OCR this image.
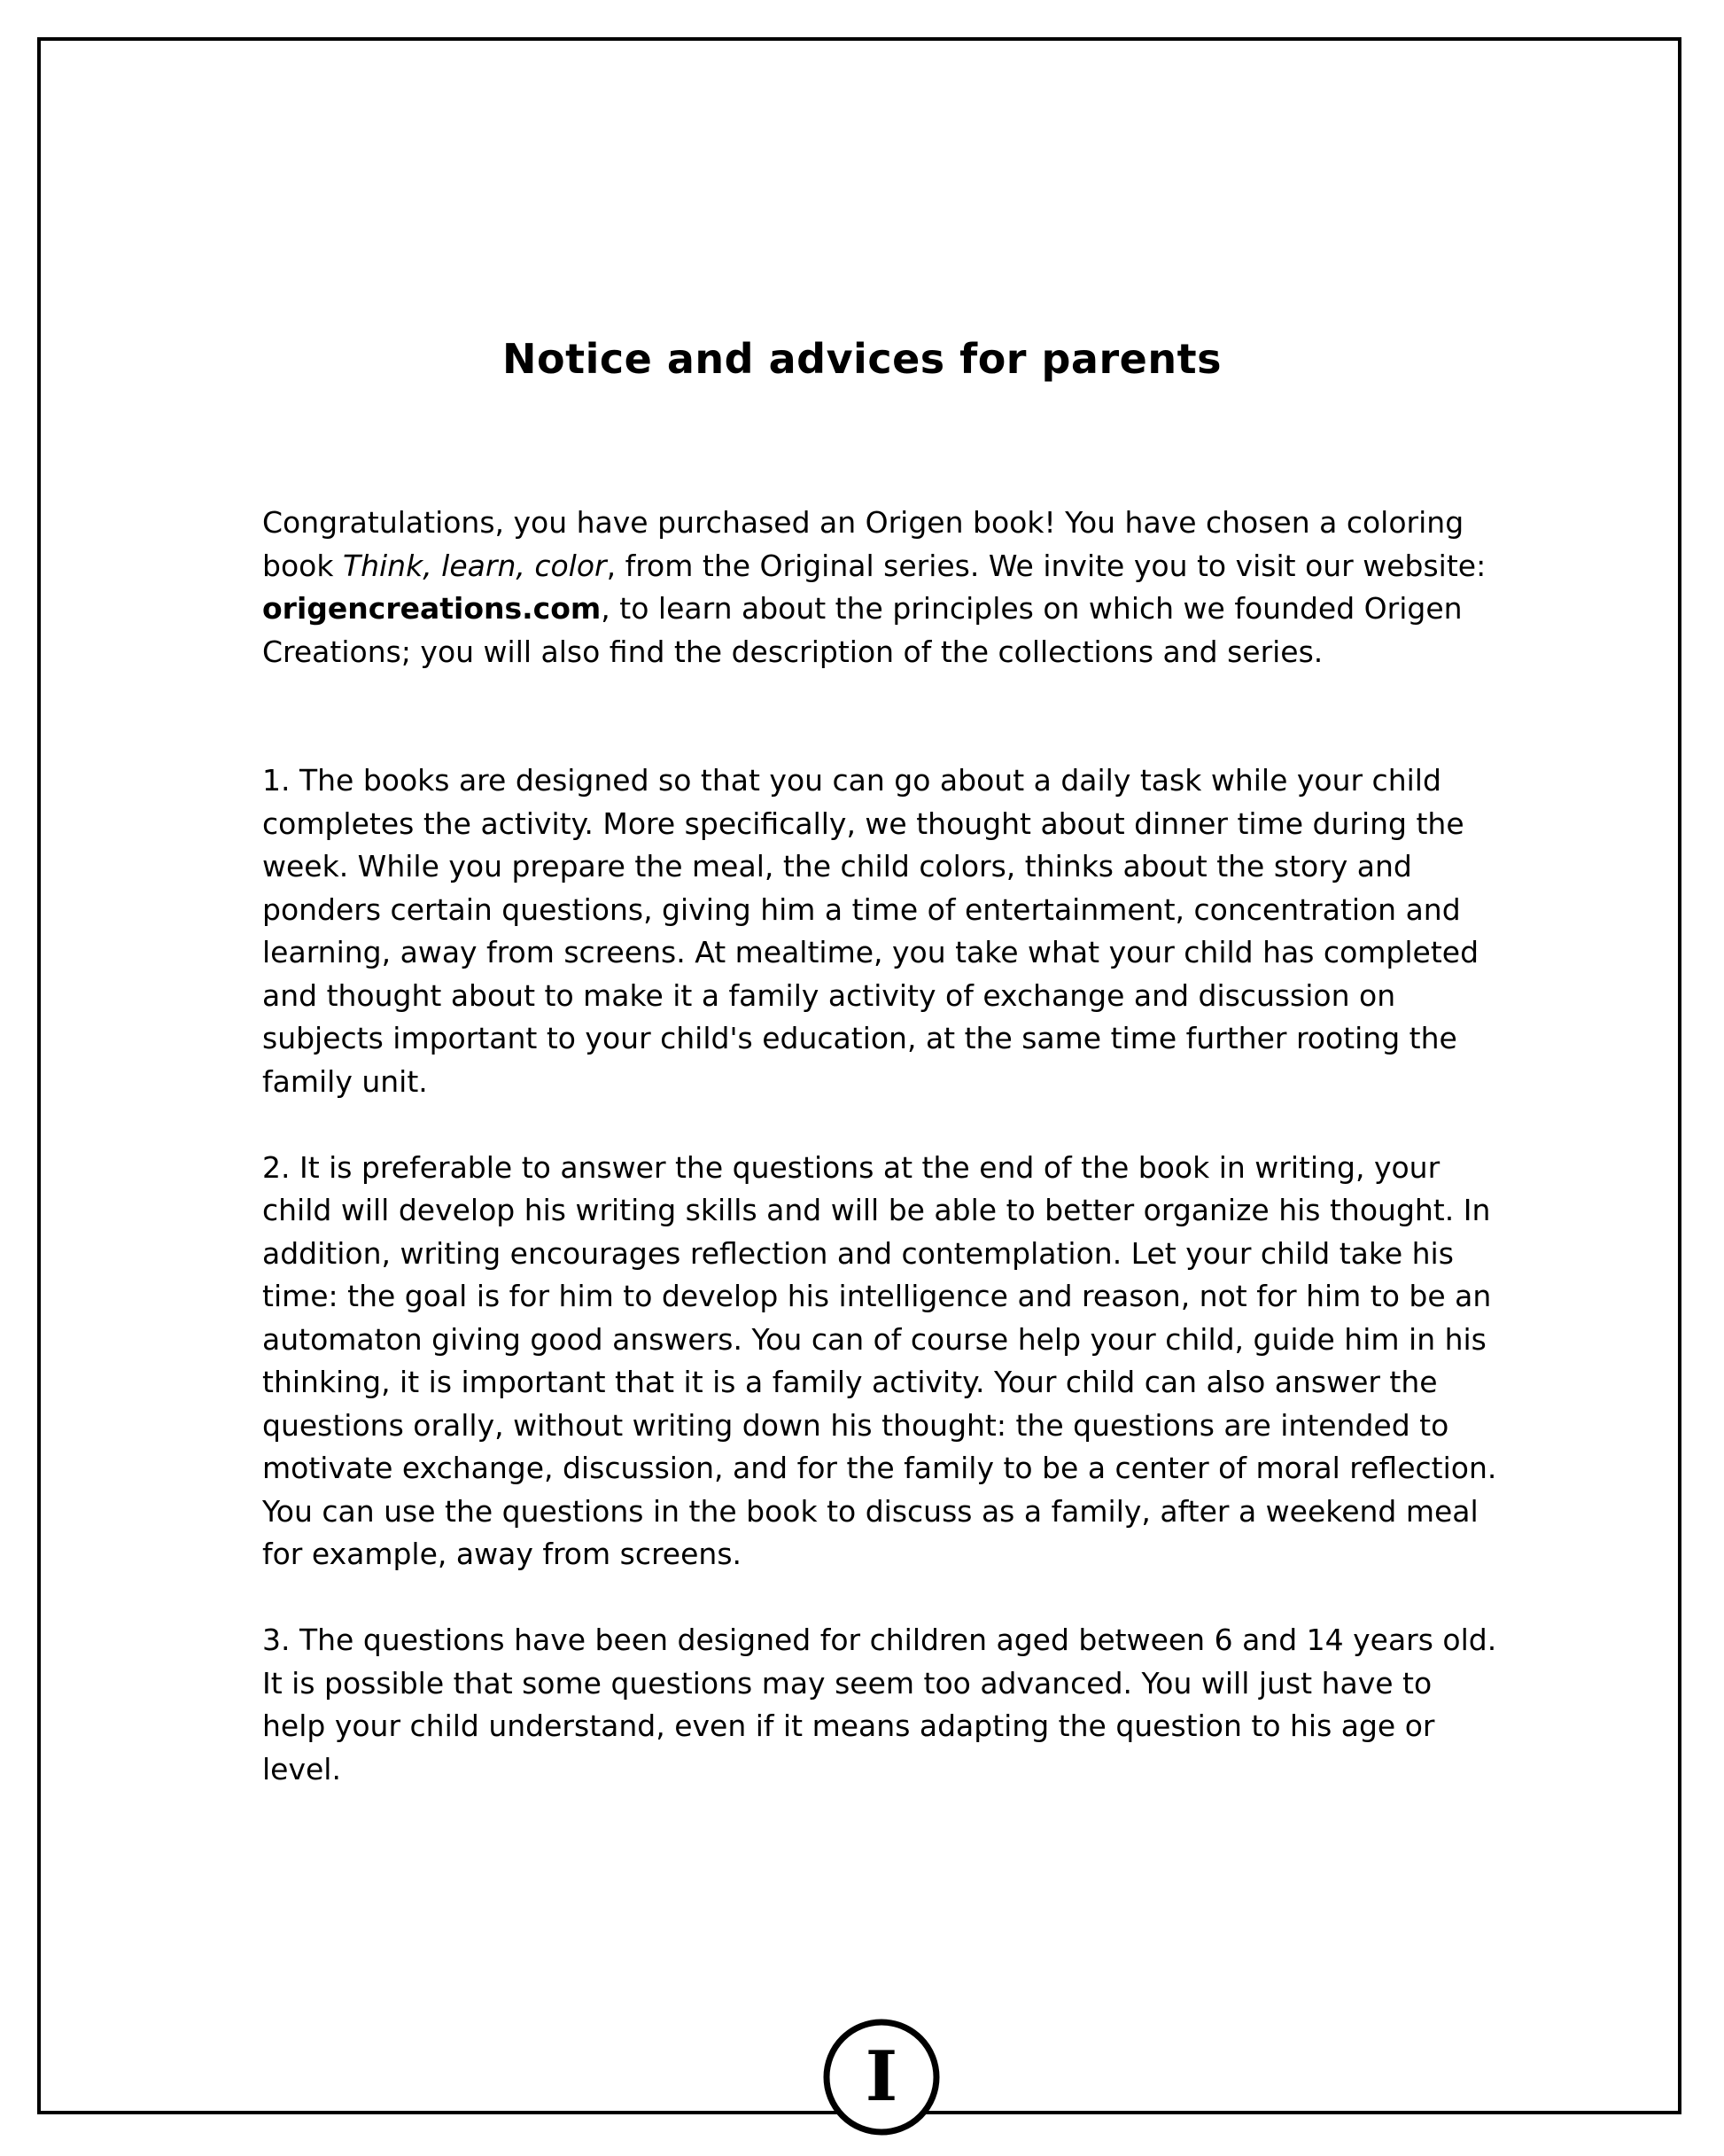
Notice and advices for parents

Congratulations, you have purchased an Origen book! You have chosen a coloring book Think, learn, color, from the Original series. We invite you to visit our website: origencreations.com, to learn about the principles on which we founded Origen Creations; you will also find the description of the collections and series.

1. The books are designed so that you can go about a daily task while your child completes the activity. More specifically, we thought about dinner time during the week. While you prepare the meal, the child colors, thinks about the story and ponders certain questions, giving him a time of entertainment, concentration and learning, away from screens. At mealtime, you take what your child has completed and thought about to make it a family activity of exchange and discussion on subjects important to your child's education, at the same time further rooting the family unit.

2. It is preferable to answer the questions at the end of the book in writing, your child will develop his writing skills and will be able to better organize his thought. In addition, writing encourages reflection and contemplation. Let your child take his time: the goal is for him to develop his intelligence and reason, not for him to be an automaton giving good answers. You can of course help your child, guide him in his thinking, it is important that it is a family activity. Your child can also answer the questions orally, without writing down his thought: the questions are intended to motivate exchange, discussion, and for the family to be a center of moral reflection. You can use the questions in the book to discuss as a family, after a weekend meal for example, away from screens.

3. The questions have been designed for children aged between 6 and 14 years old. It is possible that some questions may seem too advanced. You will just have to help your child understand, even if it means adapting the question to his age or level.

I
